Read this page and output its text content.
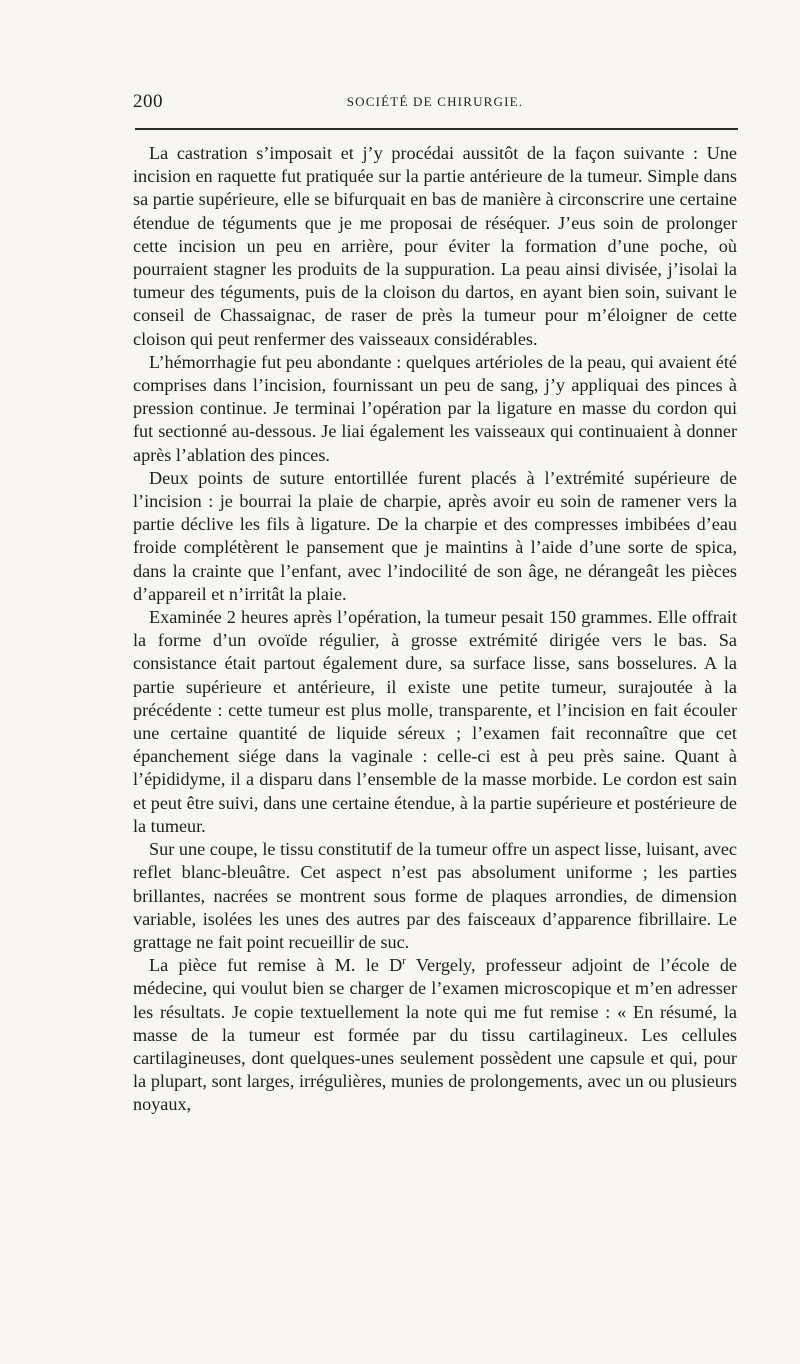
200	SOCIÉTÉ DE CHIRURGIE.

La castration s’imposait et j’y procédai aussitôt de la façon suivante : Une incision en raquette fut pratiquée sur la partie antérieure de la tumeur. Simple dans sa partie supérieure, elle se bifurquait en bas de manière à circonscrire une certaine étendue de téguments que je me proposai de réséquer. J’eus soin de prolonger cette incision un peu en arrière, pour éviter la formation d’une poche, où pourraient stagner les produits de la suppuration. La peau ainsi divisée, j’isolai la tumeur des téguments, puis de la cloison du dartos, en ayant bien soin, suivant le conseil de Chassaignac, de raser de près la tumeur pour m’éloigner de cette cloison qui peut renfermer des vaisseaux considérables.

L’hémorrhagie fut peu abondante : quelques artérioles de la peau, qui avaient été comprises dans l’incision, fournissant un peu de sang, j’y appliquai des pinces à pression continue. Je terminai l’opération par la ligature en masse du cordon qui fut sectionné au-dessous. Je liai également les vaisseaux qui continuaient à donner après l’ablation des pinces.

Deux points de suture entortillée furent placés à l’extrémité supérieure de l’incision : je bourrai la plaie de charpie, après avoir eu soin de ramener vers la partie déclive les fils à ligature. De la charpie et des compresses imbibées d’eau froide complétèrent le pansement que je maintins à l’aide d’une sorte de spica, dans la crainte que l’enfant, avec l’indocilité de son âge, ne dérangeât les pièces d’appareil et n’irritât la plaie.

Examinée 2 heures après l’opération, la tumeur pesait 150 grammes. Elle offrait la forme d’un ovoïde régulier, à grosse extrémité dirigée vers le bas. Sa consistance était partout également dure, sa surface lisse, sans bosselures. A la partie supérieure et antérieure, il existe une petite tumeur, surajoutée à la précédente : cette tumeur est plus molle, transparente, et l’incision en fait écouler une certaine quantité de liquide séreux ; l’examen fait reconnaître que cet épanchement siége dans la vaginale : celle-ci est à peu près saine. Quant à l’épididyme, il a disparu dans l’ensemble de la masse morbide. Le cordon est sain et peut être suivi, dans une certaine étendue, à la partie supérieure et postérieure de la tumeur.

Sur une coupe, le tissu constitutif de la tumeur offre un aspect lisse, luisant, avec reflet blanc-bleuâtre. Cet aspect n’est pas absolument uniforme ; les parties brillantes, nacrées se montrent sous forme de plaques arrondies, de dimension variable, isolées les unes des autres par des faisceaux d’apparence fibrillaire. Le grattage ne fait point recueillir de suc.

La pièce fut remise à M. le $D^r$ Vergely, professeur adjoint de l’école de médecine, qui voulut bien se charger de l’examen microscopique et m’en adresser les résultats. Je copie textuellement la note qui me fut remise : « En résumé, la masse de la tumeur est formée par du tissu cartilagineux. Les cellules cartilagineuses, dont quelques-unes seulement possèdent une capsule et qui, pour la plupart, sont larges, irrégulières, munies de prolongements, avec un ou plusieurs noyaux,
